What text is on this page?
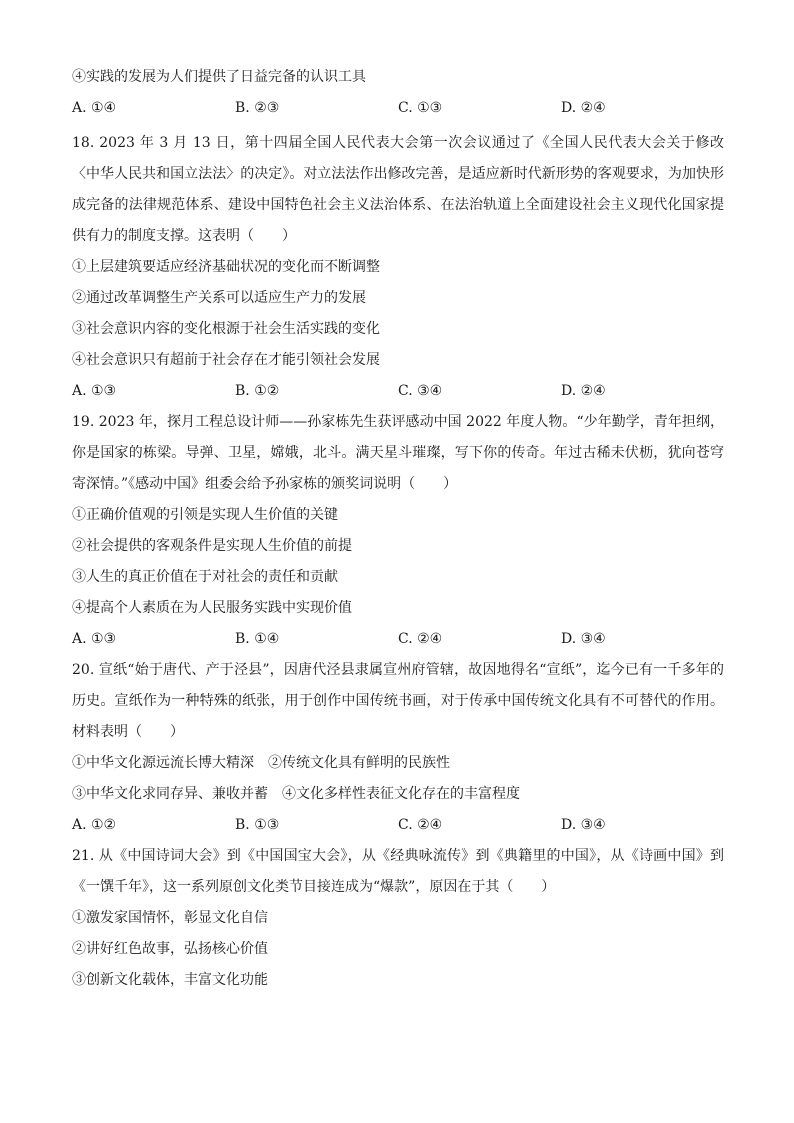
④实践的发展为人们提供了日益完备的认识工具
A. ①④	B. ②③	C. ①③	D. ②④
18. 2023 年 3 月 13 日，第十四届全国人民代表大会第一次会议通过了《全国人民代表大会关于修改〈中华人民共和国立法法〉的决定》。对立法法作出修改完善，是适应新时代新形势的客观要求，为加快形成完备的法律规范体系、建设中国特色社会主义法治体系、在法治轨道上全面建设社会主义现代化国家提供有力的制度支撑。这表明（　　）
①上层建筑要适应经济基础状况的变化而不断调整
②通过改革调整生产关系可以适应生产力的发展
③社会意识内容的变化根源于社会生活实践的变化
④社会意识只有超前于社会存在才能引领社会发展
A. ①③	B. ①②	C. ③④	D. ②④
19. 2023 年，探月工程总设计师——孙家栋先生获评感动中国 2022 年度人物。“少年勤学，青年担纲，你是国家的栋梁。导弹、卫星，嫦娥，北斗。满天星斗璀璨，写下你的传奇。年过古稀未伏枥，犹向苍穹寄深情。”《感动中国》组委会给予孙家栋的颁奖词说明（　　）
①正确价值观的引领是实现人生价值的关键
②社会提供的客观条件是实现人生价值的前提
③人生的真正价值在于对社会的责任和贡献
④提高个人素质在为人民服务实践中实现价值
A. ①③	B. ①④	C. ②④	D. ③④
20. 宣纸“始于唐代、产于泾县”，因唐代泾县隶属宣州府管辖，故因地得名“宣纸”，迄今已有一千多年的历史。宣纸作为一种特殊的纸张，用于创作中国传统书画，对于传承中国传统文化具有不可替代的作用。材料表明（　　）
①中华文化源远流长博大精深　②传统文化具有鲜明的民族性
③中华文化求同存异、兼收并蓄　④文化多样性表征文化存在的丰富程度
A. ①②	B. ①③	C. ②④	D. ③④
21. 从《中国诗词大会》到《中国国宝大会》，从《经典咏流传》到《典籍里的中国》，从《诗画中国》到《一馔千年》，这一系列原创文化类节目接连成为“爆款”，原因在于其（　　）
①激发家国情怀，彰显文化自信
②讲好红色故事，弘扬核心价值
③创新文化载体，丰富文化功能
